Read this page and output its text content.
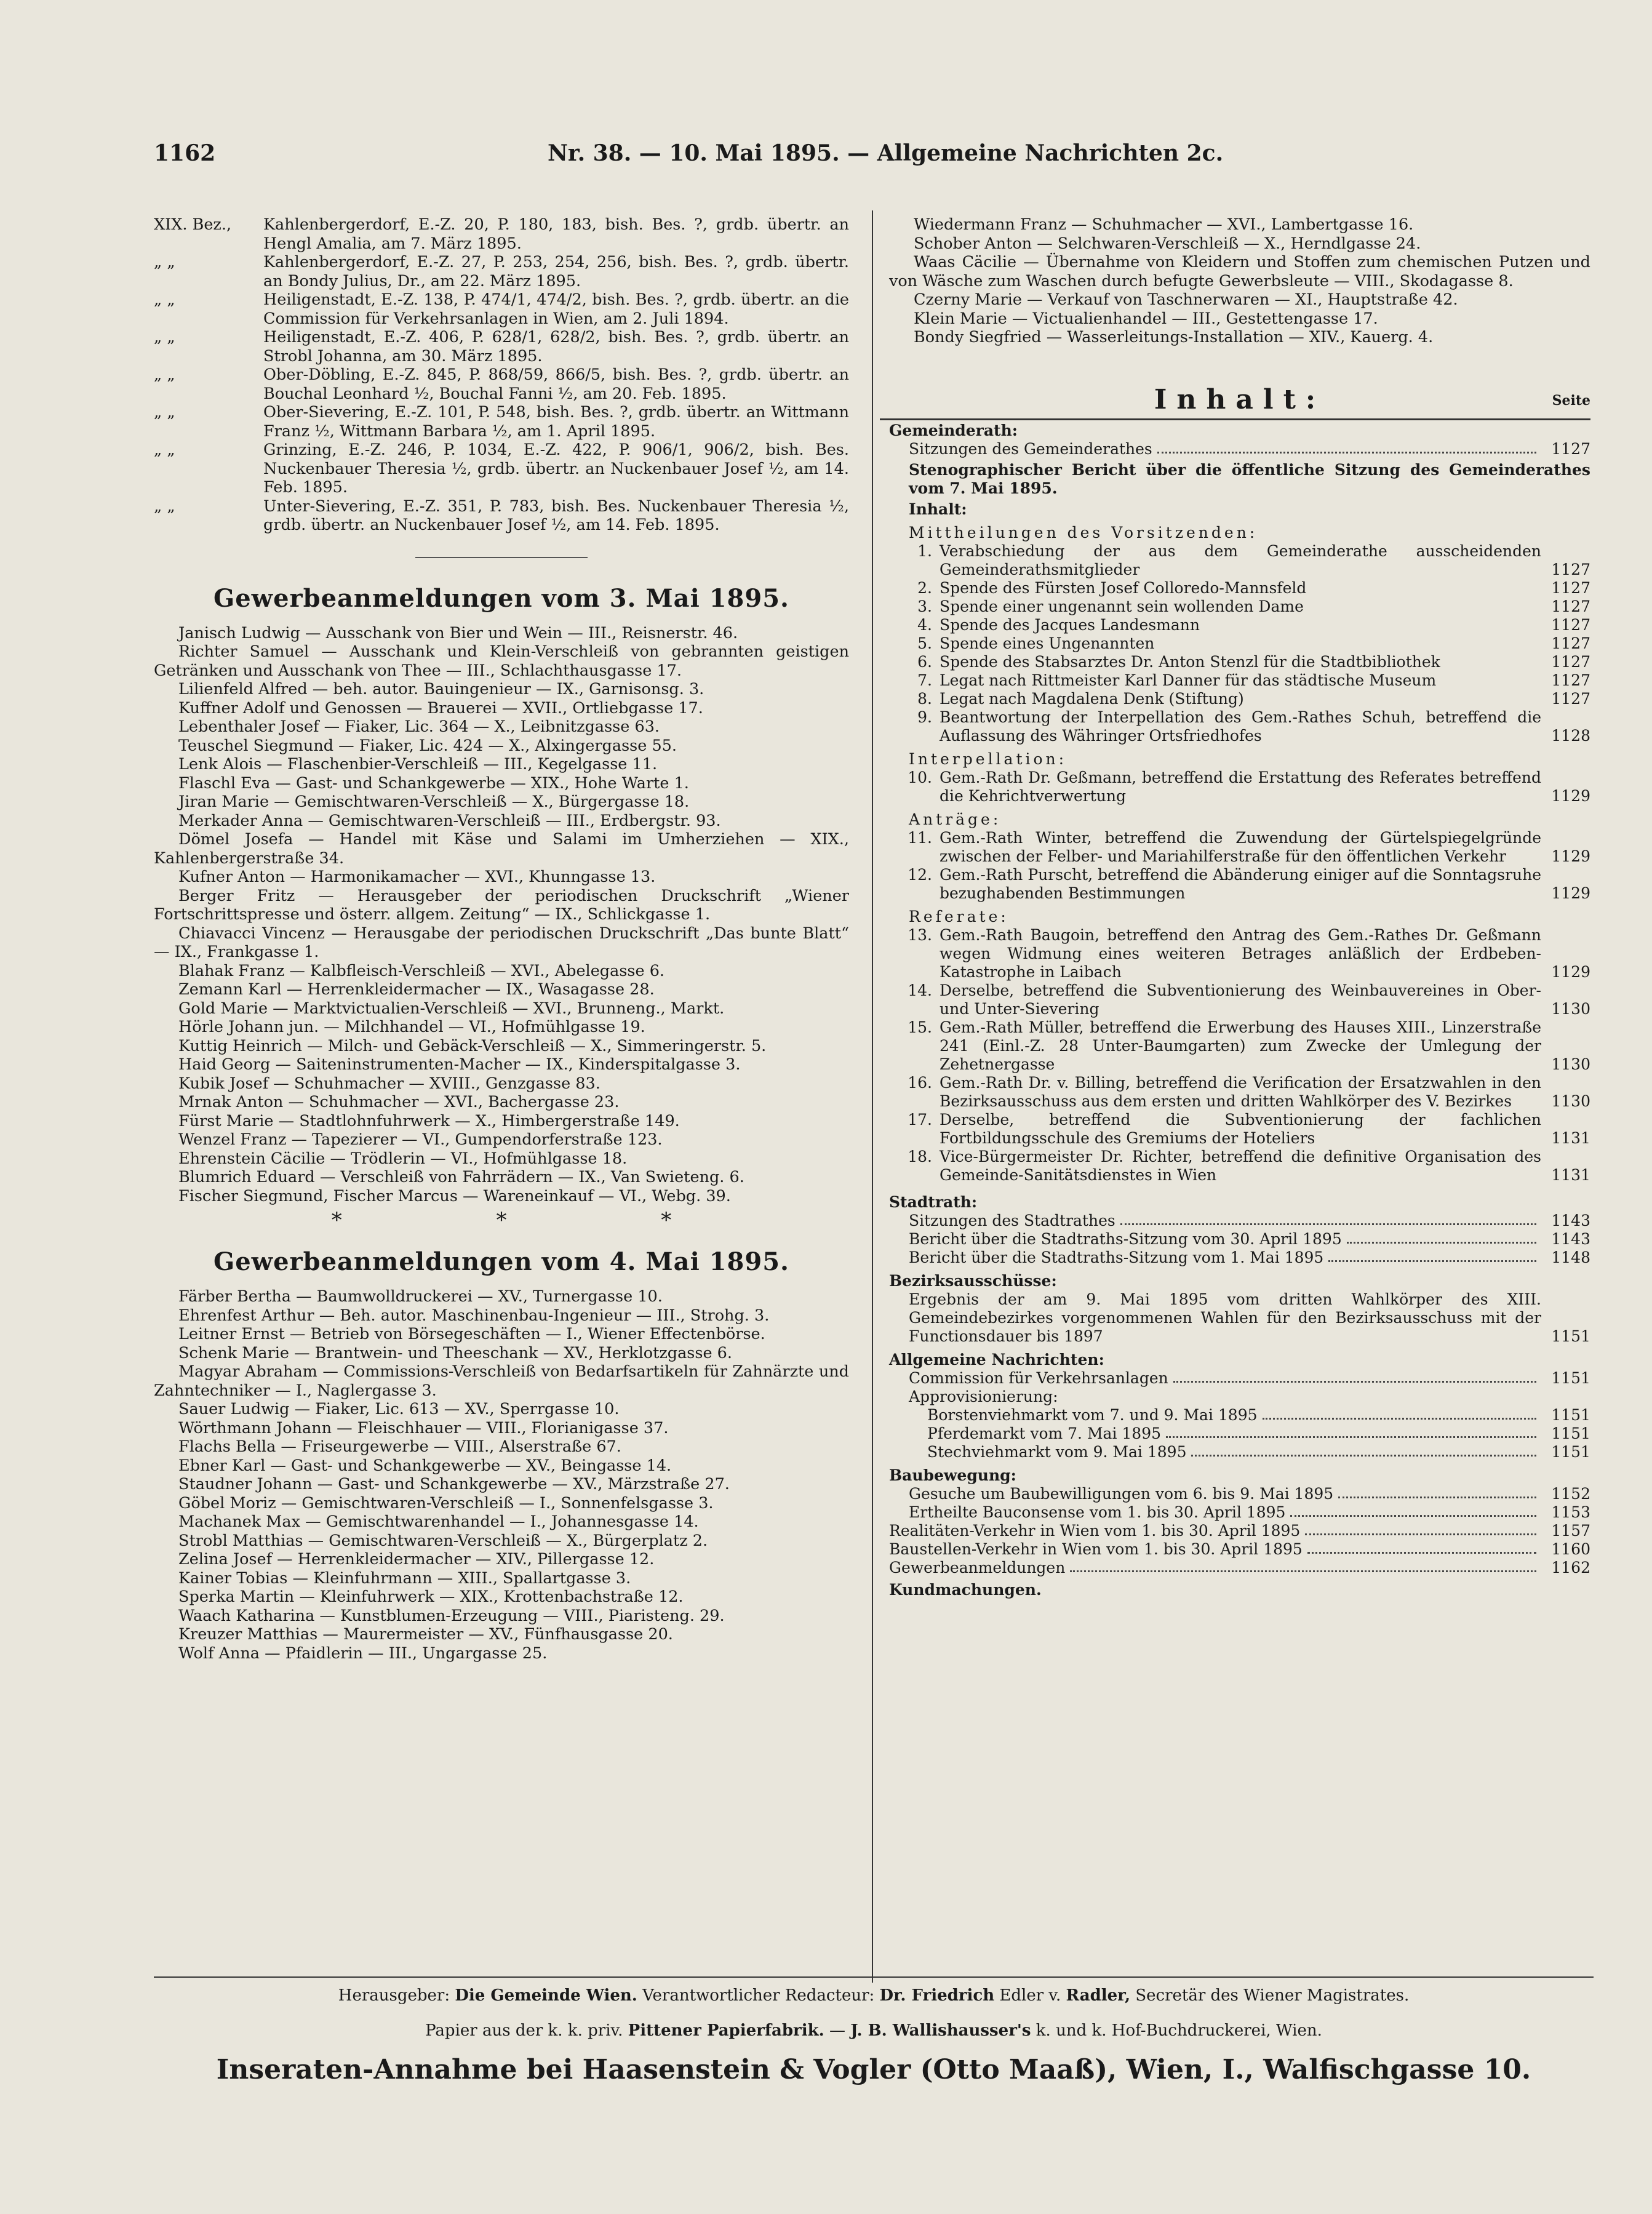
1162	Nr. 38. — 10. Mai 1895. — Allgemeine Nachrichten 2c.
XIX. Bez.,	Kahlenbergerdorf, E.-Z. 20, P. 180, 183, bish. Bes. ?, grdb. übertr. an Hengl Amalia, am 7. März 1895.
„ „	Kahlenbergerdorf, E.-Z. 27, P. 253, 254, 256, bish. Bes. ?, grdb. übertr. an Bondy Julius, Dr., am 22. März 1895.
„ „	Heiligenstadt, E.-Z. 138, P. 474/1, 474/2, bish. Bes. ?, grdb. übertr. an die Commission für Verkehrsanlagen in Wien, am 2. Juli 1894.
„ „	Heiligenstadt, E.-Z. 406, P. 628/1, 628/2, bish. Bes. ?, grdb. übertr. an Strobl Johanna, am 30. März 1895.
„ „	Ober-Döbling, E.-Z. 845, P. 868/59, 866/5, bish. Bes. ?, grdb. übertr. an Bouchal Leonhard ½, Bouchal Fanni ½, am 20. Feb. 1895.
„ „	Ober-Sievering, E.-Z. 101, P. 548, bish. Bes. ?, grdb. übertr. an Wittmann Franz ½, Wittmann Barbara ½, am 1. April 1895.
„ „	Grinzing, E.-Z. 246, P. 1034, E.-Z. 422, P. 906/1, 906/2, bish. Bes. Nuckenbauer Theresia ½, grdb. übertr. an Nuckenbauer Josef ½, am 14. Feb. 1895.
„ „	Unter-Sievering, E.-Z. 351, P. 783, bish. Bes. Nuckenbauer Theresia ½, grdb. übertr. an Nuckenbauer Josef ½, am 14. Feb. 1895.
Gewerbeanmeldungen vom 3. Mai 1895.
Janisch Ludwig — Ausschank von Bier und Wein — III., Reisnerstr. 46.
Richter Samuel — Ausschank und Klein-Verschleiß von gebrannten geistigen Getränken und Ausschank von Thee — III., Schlachthausgasse 17.
Lilienfeld Alfred — beh. autor. Bauingenieur — IX., Garnisonsg. 3.
Kuffner Adolf und Genossen — Brauerei — XVII., Ortliebgasse 17.
Lebenthaler Josef — Fiaker, Lic. 364 — X., Leibnitzgasse 63.
Teuschel Siegmund — Fiaker, Lic. 424 — X., Alxingergasse 55.
Lenk Alois — Flaschenbier-Verschleiß — III., Kegelgasse 11.
Flaschl Eva — Gast- und Schankgewerbe — XIX., Hohe Warte 1.
Jiran Marie — Gemischtwaren-Verschleiß — X., Bürgergasse 18.
Merkader Anna — Gemischtwaren-Verschleiß — III., Erdbergstr. 93.
Dömel Josefa — Handel mit Käse und Salami im Umherziehen — XIX., Kahlenbergerstraße 34.
Kufner Anton — Harmonikamacher — XVI., Khunngasse 13.
Berger Fritz — Herausgeber der periodischen Druckschrift „Wiener Fortschrittspresse und österr. allgem. Zeitung“ — IX., Schlickgasse 1.
Chiavacci Vincenz — Herausgabe der periodischen Druckschrift „Das bunte Blatt“ — IX., Frankgasse 1.
Blahak Franz — Kalbfleisch-Verschleiß — XVI., Abelegasse 6.
Zemann Karl — Herrenkleidermacher — IX., Wasagasse 28.
Gold Marie — Marktvictualien-Verschleiß — XVI., Brunneng., Markt.
Hörle Johann jun. — Milchhandel — VI., Hofmühlgasse 19.
Kuttig Heinrich — Milch- und Gebäck-Verschleiß — X., Simmeringerstr. 5.
Haid Georg — Saiteninstrumenten-Macher — IX., Kinderspitalgasse 3.
Kubik Josef — Schuhmacher — XVIII., Genzgasse 83.
Mrnak Anton — Schuhmacher — XVI., Bachergasse 23.
Fürst Marie — Stadtlohnfuhrwerk — X., Himbergerstraße 149.
Wenzel Franz — Tapezierer — VI., Gumpendorferstraße 123.
Ehrenstein Cäcilie — Trödlerin — VI., Hofmühlgasse 18.
Blumrich Eduard — Verschleiß von Fahrrädern — IX., Van Swieteng. 6.
Fischer Siegmund, Fischer Marcus — Wareneinkauf — VI., Webg. 39.
* * *
Gewerbeanmeldungen vom 4. Mai 1895.
Färber Bertha — Baumwolldruckerei — XV., Turnergasse 10.
Ehrenfest Arthur — Beh. autor. Maschinenbau-Ingenieur — III., Strohg. 3.
Leitner Ernst — Betrieb von Börsegeschäften — I., Wiener Effectenbörse.
Schenk Marie — Brantwein- und Theeschank — XV., Herklotzgasse 6.
Magyar Abraham — Commissions-Verschleiß von Bedarfsartikeln für Zahnärzte und Zahntechniker — I., Naglergasse 3.
Sauer Ludwig — Fiaker, Lic. 613 — XV., Sperrgasse 10.
Wörthmann Johann — Fleischhauer — VIII., Florianigasse 37.
Flachs Bella — Friseurgewerbe — VIII., Alserstraße 67.
Ebner Karl — Gast- und Schankgewerbe — XV., Beingasse 14.
Staudner Johann — Gast- und Schankgewerbe — XV., Märzstraße 27.
Göbel Moriz — Gemischtwaren-Verschleiß — I., Sonnenfelsgasse 3.
Machanek Max — Gemischtwarenhandel — I., Johannesgasse 14.
Strobl Matthias — Gemischtwaren-Verschleiß — X., Bürgerplatz 2.
Zelina Josef — Herrenkleidermacher — XIV., Pillergasse 12.
Kainer Tobias — Kleinfuhrmann — XIII., Spallartgasse 3.
Sperka Martin — Kleinfuhrwerk — XIX., Krottenbachstraße 12.
Waach Katharina — Kunstblumen-Erzeugung — VIII., Piaristeng. 29.
Kreuzer Matthias — Maurermeister — XV., Fünfhausgasse 20.
Wolf Anna — Pfaidlerin — III., Ungargasse 25.
Wiedermann Franz — Schuhmacher — XVI., Lambertgasse 16.
Schober Anton — Selchwaren-Verschleiß — X., Herndlgasse 24.
Waas Cäcilie — Übernahme von Kleidern und Stoffen zum chemischen Putzen und von Wäsche zum Waschen durch befugte Gewerbsleute — VIII., Skodagasse 8.
Czerny Marie — Verkauf von Taschnerwaren — XI., Hauptstraße 42.
Klein Marie — Victualienhandel — III., Gestettengasse 17.
Bondy Siegfried — Wasserleitungs-Installation — XIV., Kauerg. 4.
Inhalt:	Seite
Gemeinderath:
Sitzungen des Gemeinderathes	1127
Stenographischer Bericht über die öffentliche Sitzung des Gemeinderathes vom 7. Mai 1895.
Inhalt:
Mittheilungen des Vorsitzenden:
1. Verabschiedung der aus dem Gemeinderathe ausscheidenden Gemeinderathsmitglieder	1127
2. Spende des Fürsten Josef Colloredo-Mannsfeld	1127
3. Spende einer ungenannt sein wollenden Dame	1127
4. Spende des Jacques Landesmann	1127
5. Spende eines Ungenannten	1127
6. Spende des Stabsarztes Dr. Anton Stenzl für die Stadtbibliothek	1127
7. Legat nach Rittmeister Karl Danner für das städtische Museum	1127
8. Legat nach Magdalena Denk (Stiftung)	1127
9. Beantwortung der Interpellation des Gem.-Rathes Schuh, betreffend die Auflassung des Währinger Ortsfriedhofes	1128
Interpellation:
10. Gem.-Rath Dr. Geßmann, betreffend die Erstattung des Referates betreffend die Kehrichtverwertung	1129
Anträge:
11. Gem.-Rath Winter, betreffend die Zuwendung der Gürtelspiegelgründe zwischen der Felber- und Mariahilferstraße für den öffentlichen Verkehr	1129
12. Gem.-Rath Purscht, betreffend die Abänderung einiger auf die Sonntagsruhe bezughabenden Bestimmungen	1129
Referate:
13. Gem.-Rath Baugoin, betreffend den Antrag des Gem.-Rathes Dr. Geßmann wegen Widmung eines weiteren Betrages anläßlich der Erdbeben-Katastrophe in Laibach	1129
14. Derselbe, betreffend die Subventionierung des Weinbauvereines in Ober- und Unter-Sievering	1130
15. Gem.-Rath Müller, betreffend die Erwerbung des Hauses XIII., Linzerstraße 241 (Einl.-Z. 28 Unter-Baumgarten) zum Zwecke der Umlegung der Zehetnergasse	1130
16. Gem.-Rath Dr. v. Billing, betreffend die Verification der Ersatzwahlen in den Bezirksausschuss aus dem ersten und dritten Wahlkörper des V. Bezirkes	1130
17. Derselbe, betreffend die Subventionierung der fachlichen Fortbildungsschule des Gremiums der Hoteliers	1131
18. Vice-Bürgermeister Dr. Richter, betreffend die definitive Organisation des Gemeinde-Sanitätsdienstes in Wien	1131
Stadtrath:
Sitzungen des Stadtrathes	1143
Bericht über die Stadtraths-Sitzung vom 30. April 1895	1143
Bericht über die Stadtraths-Sitzung vom 1. Mai 1895	1148
Bezirksausschüsse:
Ergebnis der am 9. Mai 1895 vom dritten Wahlkörper des XIII. Gemeindebezirkes vorgenommenen Wahlen für den Bezirksausschuss mit der Functionsdauer bis 1897	1151
Allgemeine Nachrichten:
Commission für Verkehrsanlagen	1151
Approvisionierung:
Borstenviehmarkt vom 7. und 9. Mai 1895	1151
Pferdemarkt vom 7. Mai 1895	1151
Stechviehmarkt vom 9. Mai 1895	1151
Baubewegung:
Gesuche um Baubewilligungen vom 6. bis 9. Mai 1895	1152
Ertheilte Bauconsense vom 1. bis 30. April 1895	1153
Realitäten-Verkehr in Wien vom 1. bis 30. April 1895	1157
Baustellen-Verkehr in Wien vom 1. bis 30. April 1895	1160
Gewerbeanmeldungen	1162
Kundmachungen.
Herausgeber: Die Gemeinde Wien. Verantwortlicher Redacteur: Dr. Friedrich Edler v. Radler, Secretär des Wiener Magistrates.
Papier aus der k. k. priv. Pittener Papierfabrik. — J. B. Wallishausser's k. und k. Hof-Buchdruckerei, Wien.
Inseraten-Annahme bei Haasenstein & Vogler (Otto Maaß), Wien, I., Walfischgasse 10.
